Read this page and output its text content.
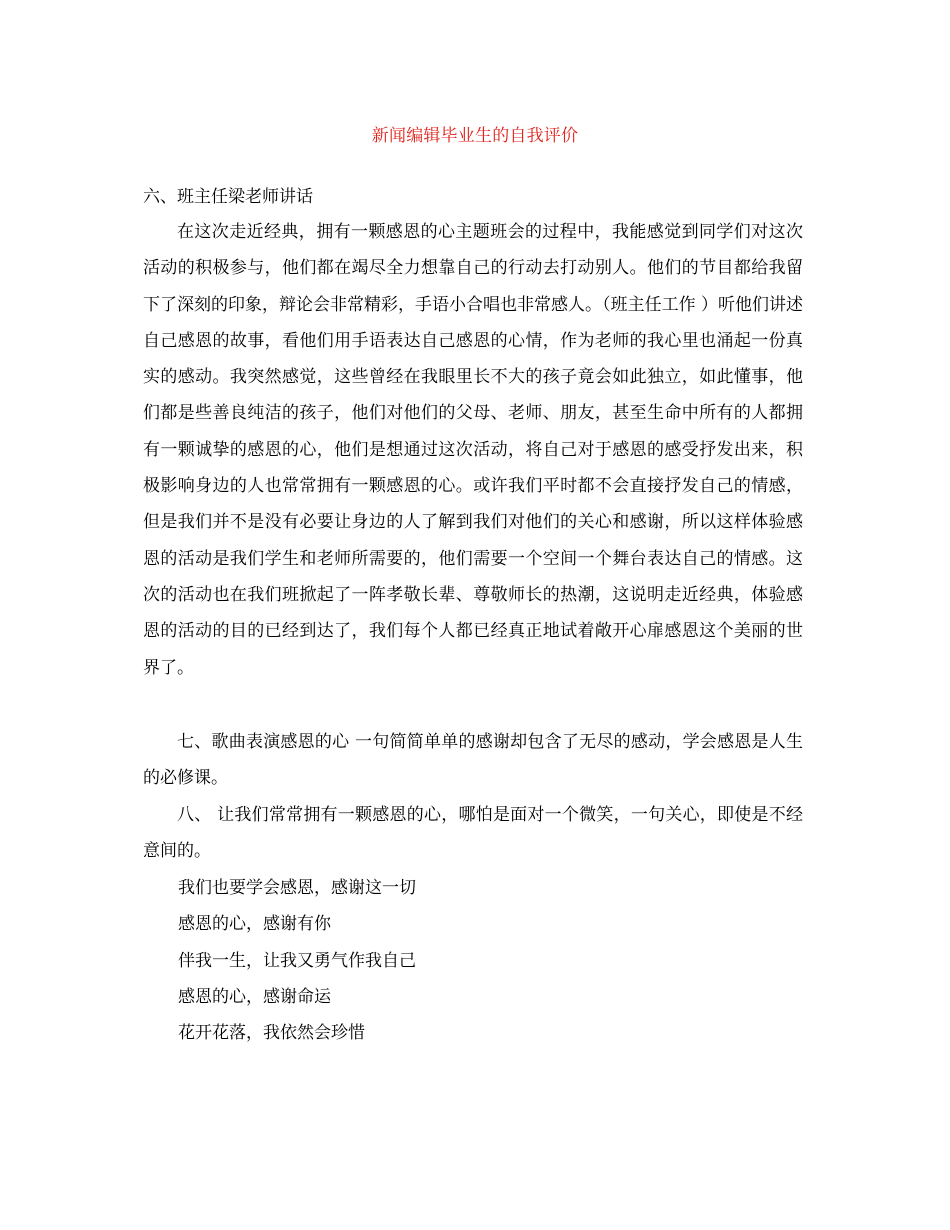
新闻编辑毕业生的自我评价
六、班主任梁老师讲话

在这次走近经典，拥有一颗感恩的心主题班会的过程中，我能感觉到同学们对这次活动的积极参与，他们都在竭尽全力想靠自己的行动去打动别人。他们的节目都给我留下了深刻的印象，辩论会非常精彩，手语小合唱也非常感人。（班主任工作 ）听他们讲述自己感恩的故事，看他们用手语表达自己感恩的心情，作为老师的我心里也涌起一份真实的感动。我突然感觉，这些曾经在我眼里长不大的孩子竟会如此独立，如此懂事，他们都是些善良纯洁的孩子，他们对他们的父母、老师、朋友，甚至生命中所有的人都拥有一颗诚挚的感恩的心，他们是想通过这次活动，将自己对于感恩的感受抒发出来，积极影响身边的人也常常拥有一颗感恩的心。或许我们平时都不会直接抒发自己的情感，但是我们并不是没有必要让身边的人了解到我们对他们的关心和感谢，所以这样体验感恩的活动是我们学生和老师所需要的，他们需要一个空间一个舞台表达自己的情感。这次的活动也在我们班掀起了一阵孝敬长辈、尊敬师长的热潮，这说明走近经典，体验感恩的活动的目的已经到达了，我们每个人都已经真正地试着敞开心扉感恩这个美丽的世界了。

七、歌曲表演感恩的心 一句简简单单的感谢却包含了无尽的感动，学会感恩是人生的必修课。

八、 让我们常常拥有一颗感恩的心，哪怕是面对一个微笑，一句关心，即使是不经意间的。

我们也要学会感恩，感谢这一切
感恩的心，感谢有你
伴我一生，让我又勇气作我自己
感恩的心，感谢命运
花开花落，我依然会珍惜
